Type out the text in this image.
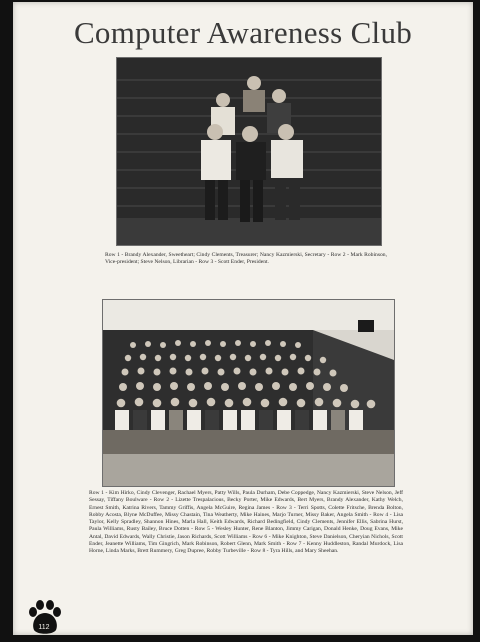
Computer Awareness Club

Row 1 - Brandy Alexander, Sweetheart; Cindy Clements, Treasurer; Nancy Kazmierski, Secretary - Row 2 - Mark Robinson, Vice-president; Steve Nelson, Librarian - Row 3 - Scott Ender, President.

Row 1 - Kim Hirko, Cindy Clevenger, Rachael Myers, Patty Wills, Paula Durham, Debe Coppedge, Nancy Kazmierski, Steve Nelson, Jeff Sessay, Tiffany Boulware - Row 2 - Lizette Trespalacious, Becky Porter, Mike Edwards, Bert Myers, Brandy Alexander, Kathy Welch, Ernest Smith, Katrina Rivers, Tammy Griffis, Angela McGuire, Regina James - Row 3 - Terri Spotts, Colette Fritsche, Brenda Bolton, Robby Acosta, Blyne McDuffee, Missy Chastain, Tina Weatherty, Mike Haines, Marjo Turner, Missy Baker, Angela Smith - Row 4 - Lisa Taylor, Kelly Spradley, Shannon Hines, Marla Hall, Keith Edwards, Richard Bedingfield, Cindy Clements, Jennifer Ellis, Sabrina Hurst, Paula Williams, Rusty Bailey, Bruce Dotten - Row 5 - Wesley Hunter, Rene Blanton, Jimmy Carigan, Donald Henke, Doug Evans, Mike Antal, David Edwards, Wally Christie, Jason Richards, Scott Williams - Row 6 - Mike Knighton, Steve Danielson, Cheryian Nichols, Scott Ender, Jeanette Williams, Tim Gingrich, Mark Robinson, Robert Glenn, Mark Smith - Row 7 - Kenny Huddleston, Randal Murdock, Lisa Horne, Linda Marks, Brett Rummery, Greg Dupree, Robby Turbeville - Row 8 - Tyra Hills, and Mary Sheehan.

112
